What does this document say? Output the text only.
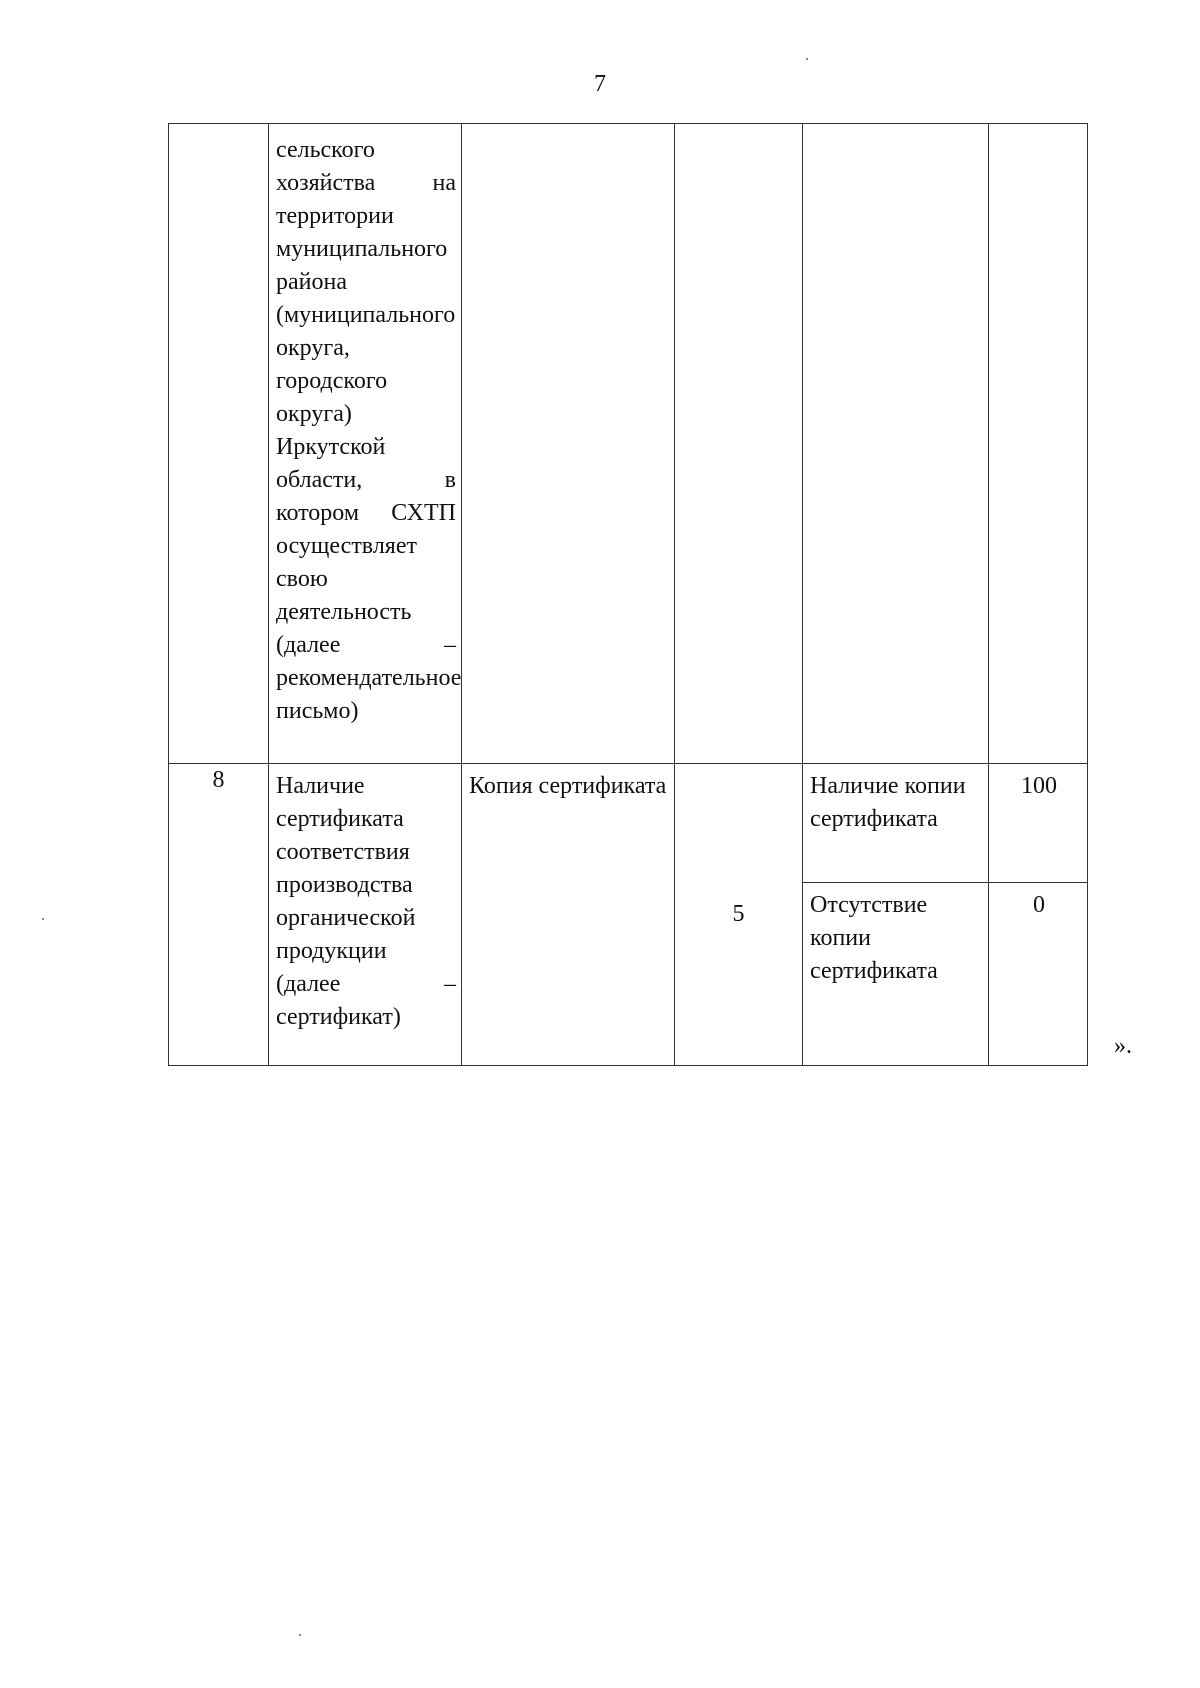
7

	сельского хозяйства на территории муниципального района (муниципального округа, городского округа) Иркутской области, в котором СХТП осуществляет свою деятельность (далее – рекомендательное письмо)				

8	Наличие сертификата соответствия производства органической продукции (далее – сертификат)	Копия сертификата	5	Наличие копии сертификата	100

				Отсутствие копии сертификата	0
».
